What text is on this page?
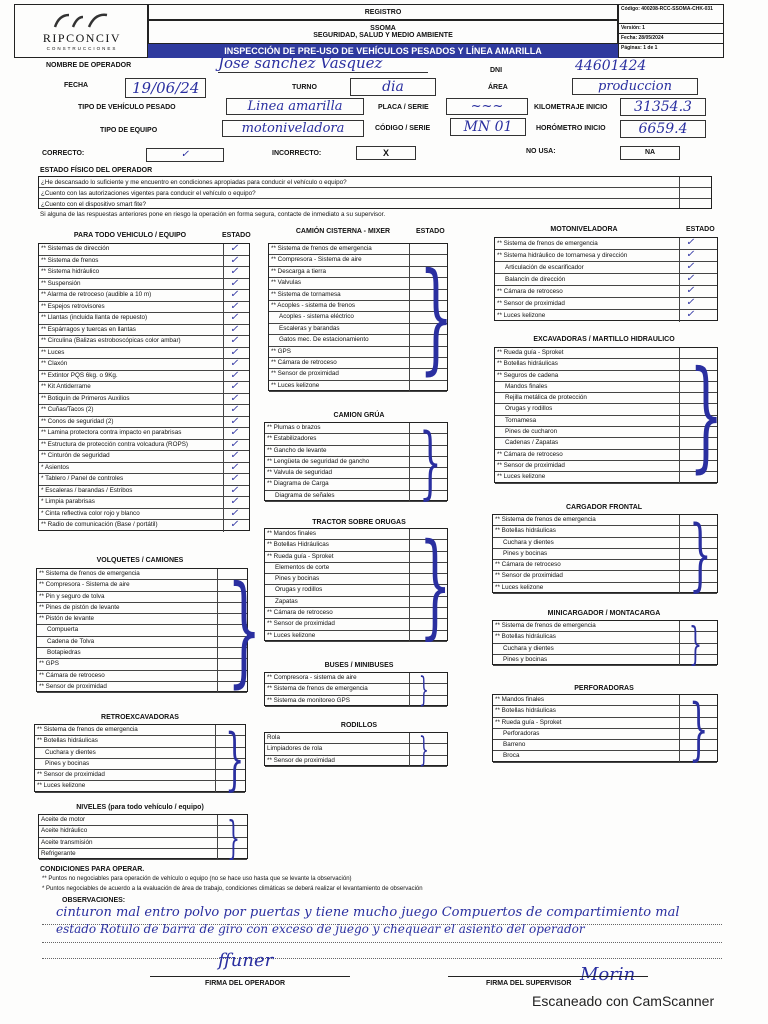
RIPCONCIV
CONSTRUCCIONES
REGISTRO
SSOMA
SEGURIDAD, SALUD Y MEDIO AMBIENTE
INSPECCIÓN DE PRE-USO DE VEHÍCULOS PESADOS Y LÍNEA AMARILLA
Código: 400208-RCC-SSOMA-CHK-031
Versión: 1
Fecha: 28/05/2024
Páginas: 1 de 1
NOMBRE DE OPERADOR	Jose sanchez Vasquez	DNI	44601424
FECHA	19/06/24	TURNO	dia	ÁREA	produccion
TIPO DE VEHÍCULO PESADO	Linea amarilla	PLACA / SERIE	~~~	KILOMETRAJE INICIO	31354.3
TIPO DE EQUIPO	motoniveladora	CÓDIGO / SERIE	MN 01	HORÓMETRO INICIO	6659.4
CORRECTO:	✓	INCORRECTO:	X	NO USA:	NA
ESTADO FÍSICO DEL OPERADOR
¿He descansado lo suficiente y me encuentro en condiciones apropiadas para conducir el vehículo o equipo?
¿Cuento con las autorizaciones vigentes para conducir el vehículo o equipo?
¿Cuento con el dispositivo smart fite?
Si alguna de las respuestas anteriores pone en riesgo la operación en forma segura, contacte de inmediato a su supervisor.
PARA TODO VEHICULO / EQUIPO	ESTADO
CAMIÓN CISTERNA - MIXER	ESTADO	MOTONIVELADORA	ESTADO
VOLQUETES / CAMIONES
RETROEXCAVADORAS
NIVELES (para todo vehículo / equipo)
CAMION GRÚA
TRACTOR SOBRE ORUGAS
BUSES / MINIBUSES
RODILLOS
EXCAVADORAS / MARTILLO HIDRAULICO
CARGADOR FRONTAL
MINICARGADOR / MONTACARGA
PERFORADORAS
** Sistemas de dirección	✓
** Sistema de frenos	✓
** Sistema hidráulico	✓
** Suspensión	✓
** Alarma de retroceso (audible a 10 m)	✓
** Espejos retrovisores	✓
** Llantas (incluida llanta de repuesto)	✓
** Espárragos y tuercas en llantas	✓
** Circulina (Balizas estroboscópicas color ambar)	✓
** Luces	✓
** Claxón	✓
** Extintor PQS 6kg. o 9Kg.	✓
** Kit Antiderrame	✓
** Botiquín de Primeros Auxilios	✓
** Cuñas/Tacos (2)	✓
** Conos de seguridad (2)	✓
** Lamina protectora contra impacto en parabrisas	✓
** Estructura de protección contra volcadura (ROPS)	✓
** Cinturón de seguridad	✓
* Asientos	✓
* Tablero / Panel de controles	✓
* Escaleras / barandas / Estribos	✓
* Limpia parabrisas	✓
* Cinta reflectiva color rojo y blanco	✓
** Radio de comunicación (Base / portátil)	✓
** Sistema de frenos de emergencia
** Compresora - Sistema de aire
** Pin y seguro de tolva
** Pines de pistón de levante
** Pistón de levante
Compuerta
Cadena de Tolva
Botapiedras
** GPS
** Cámara de retroceso
** Sensor de proximidad }
** Sistema de frenos de emergencia
** Botellas hidráulicas
Cuchara y dientes
Pines y bocinas
** Sensor de proximidad
** Luces kelizone }
Aceite de motor
Aceite hidráulico
Aceite transmisión
Refrigerante	}
** Sistema de frenos de emergencia
** Compresora - Sistema de aire
** Descarga a tierra
** Valvulas
** Sistema de tornamesa
** Acoples - sistema de frenos
Acoples - sistema eléctrico
Escaleras y barandas
Gatos mec. De estacionamiento
** GPS
** Cámara de retroceso
** Sensor de proximidad
** Luces kelizone }
** Plumas o brazos
** Estabilizadores
** Gancho de levante
** Lengüeta de seguridad de gancho
** Valvula de seguridad
** Diagrama de Carga
Diagrama de señales }
** Mandos finales
** Botellas Hidráulicas
** Rueda guía - Sproket
Elementos de corte
Pines y bocinas
Orugas y rodillos
Zapatas
** Cámara de retroceso
** Sensor de proximidad
** Luces kelizone }
** Compresora - sistema de aire
** Sistema de frenos de emergencia
** Sistema de monitoreo GPS }
Rola
Limpiadores de rola
** Sensor de proximidad }
** Sistema de frenos de emergencia	✓
** Sistema hidráulico de tornamesa y dirección	✓
Articulación de escarificador	✓
Balancín de dirección	✓
** Cámara de retroceso	✓
** Sensor de proximidad	✓
** Luces kelizone	✓
** Rueda guía - Sproket
** Botellas hidráulicas
** Seguros de cadena
Mandos finales
Rejilla metálica de protección
Orugas y rodillos
Tornamesa
Pines de cucharon
Cadenas / Zapatas
** Cámara de retroceso
** Sensor de proximidad
** Luces kelizone }
** Sistema de frenos de emergencia
** Botellas hidráulicas
Cuchara y dientes
Pines y bocinas
** Cámara de retroceso
** Sensor de proximidad
** Luces kelizone }
** Sistema de frenos de emergencia
** Botellas hidráulicas
Cuchara y dientes
Pines y bocinas	}
** Mandos finales
** Botellas hidráulicas
** Rueda guía - Sproket
Perforadoras
Barreno
Broca	}
CONDICIONES PARA OPERAR.
** Puntos no negociables para operación de vehículo o equipo (no se hace uso hasta que se levante la observación)
* Puntos negociables de acuerdo a la evaluación de área de trabajo, condiciones climáticas se deberá realizar el levantamiento de observación
OBSERVACIONES:
cinturon mal entro polvo por puertas y tiene mucho juego Compuertos de compartimiento mal
estado Rotulo de barra de giro con exceso de juego y chequear el asiento del operador
ffuner
FIRMA DEL OPERADOR	Morin
FIRMA DEL SUPERVISOR
Escaneado con CamScanner
